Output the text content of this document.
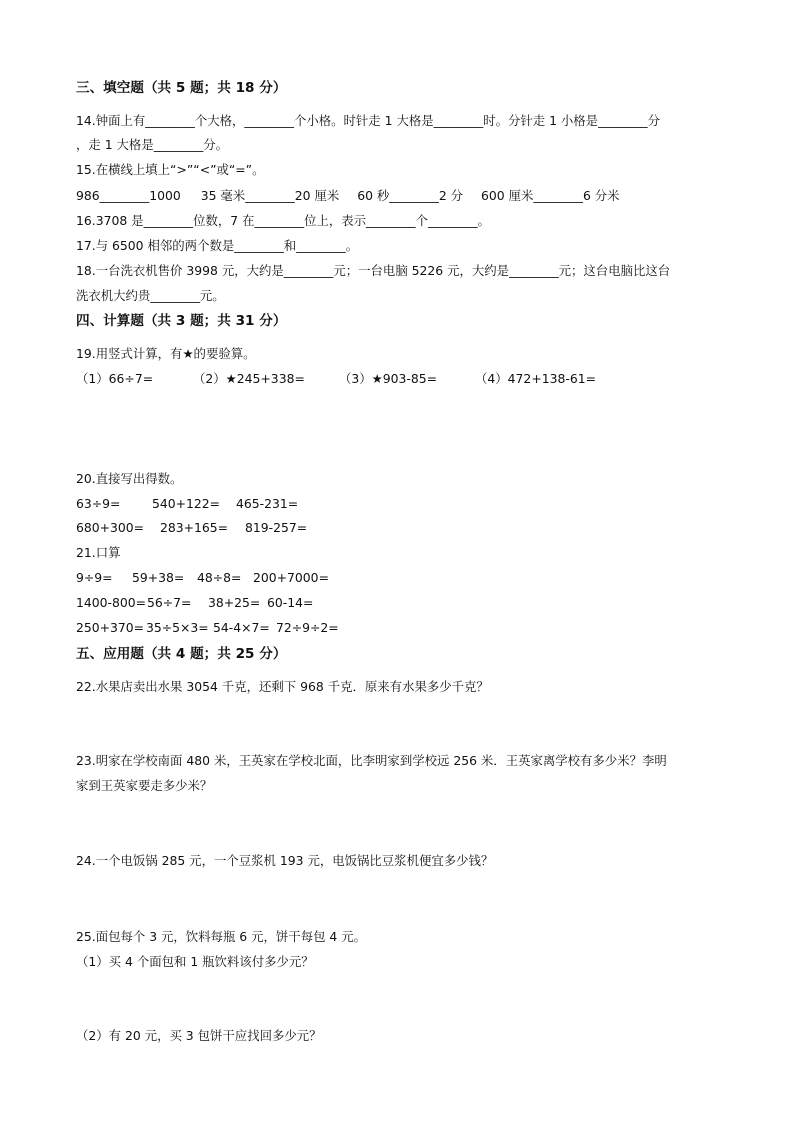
三、填空题（共 5 题；共 18 分）
14.钟面上有________个大格，________个小格。时针走 1 大格是________时。分针走 1 小格是________分
，走 1 大格是________分。
15.在横线上填上“>”“<”或“=”。
986________1000 35 毫米________20 厘米 60 秒________2 分 600 厘米________6 分米
16.3708 是________位数，7 在________位上，表示________个________。
17.与 6500 相邻的两个数是________和________。
18.一台洗衣机售价 3998 元，大约是________元；一台电脑 5226 元，大约是________元；这台电脑比这台
洗衣机大约贵________元。
四、计算题（共 3 题；共 31 分）
19.用竖式计算，有★的要验算。
（1）66÷7=	（2）★245+338=	（3）★903-85=	（4）472+138-61=
20.直接写出得数。
63÷9=	540+122= 465-231=
680+300= 283+165= 819-257=
21.口算
9÷9= 59+38= 48÷8= 200+7000=
1400-800=56÷7= 38+25= 60-14=
250+370= 35÷5×3= 54-4×7= 72÷9÷2=
五、应用题（共 4 题；共 25 分）
22.水果店卖出水果 3054 千克，还剩下 968 千克．原来有水果多少千克？
23.明家在学校南面 480 米，王英家在学校北面，比李明家到学校远 256 米．王英家离学校有多少米？李明
家到王英家要走多少米？
24.一个电饭锅 285 元，一个豆浆机 193 元，电饭锅比豆浆机便宜多少钱？
25.面包每个 3 元，饮料每瓶 6 元，饼干每包 4 元。
（1）买 4 个面包和 1 瓶饮料该付多少元？
（2）有 20 元，买 3 包饼干应找回多少元？
